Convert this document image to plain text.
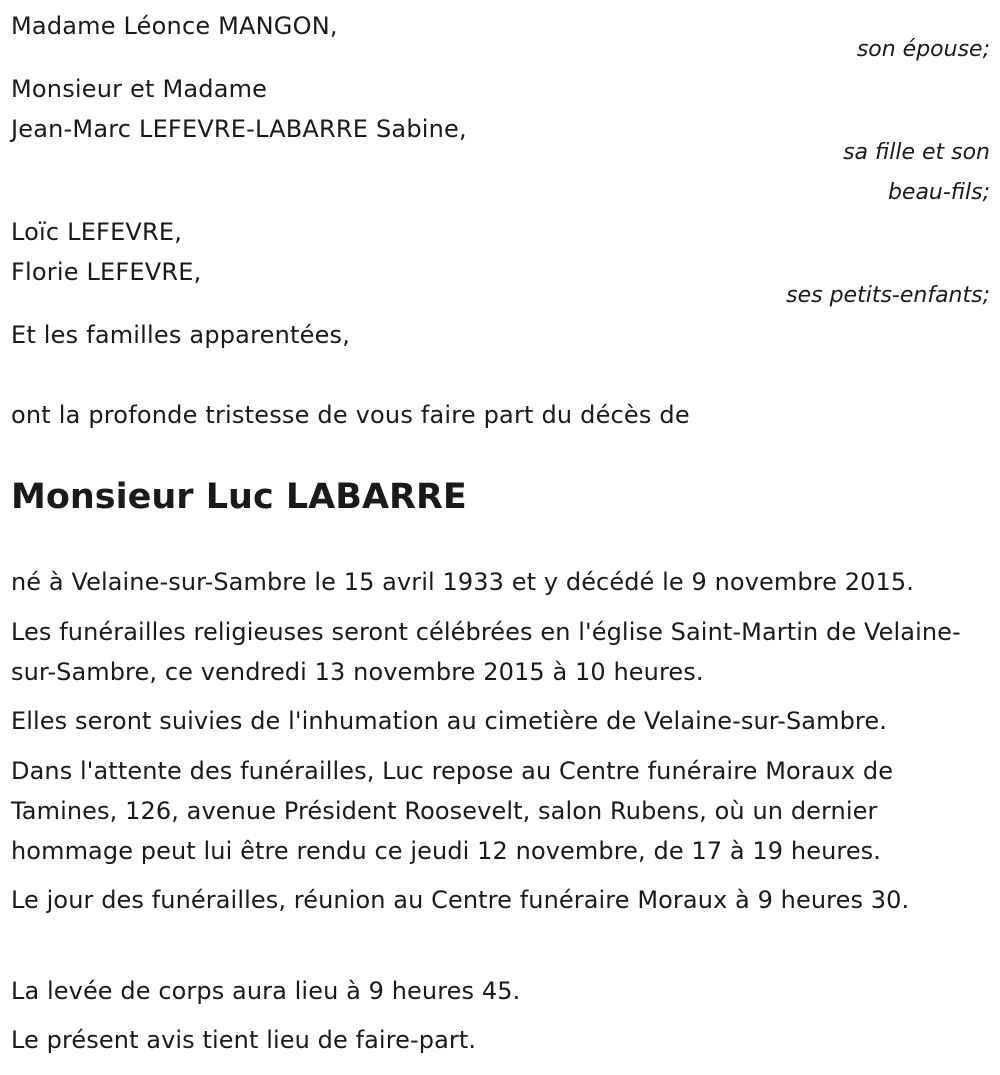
Madame Léonce MANGON,
son épouse;
Monsieur et Madame
Jean-Marc LEFEVRE-LABARRE Sabine,
sa fille et son
beau-fils;
Loïc LEFEVRE,
Florie LEFEVRE,
ses petits-enfants;
Et les familles apparentées,
ont la profonde tristesse de vous faire part du décès de
Monsieur Luc LABARRE
né à Velaine-sur-Sambre le 15 avril 1933 et y décédé le 9 novembre 2015.
Les funérailles religieuses seront célébrées en l'église Saint-Martin de Velaine-sur-Sambre, ce vendredi 13 novembre 2015 à 10 heures.
Elles seront suivies de l'inhumation au cimetière de Velaine-sur-Sambre.
Dans l'attente des funérailles, Luc repose au Centre funéraire Moraux de Tamines, 126, avenue Président Roosevelt, salon Rubens, où un dernier hommage peut lui être rendu ce jeudi 12 novembre, de 17 à 19 heures.
Le jour des funérailles, réunion au Centre funéraire Moraux à 9 heures 30.
La levée de corps aura lieu à 9 heures 45.
Le présent avis tient lieu de faire-part.
